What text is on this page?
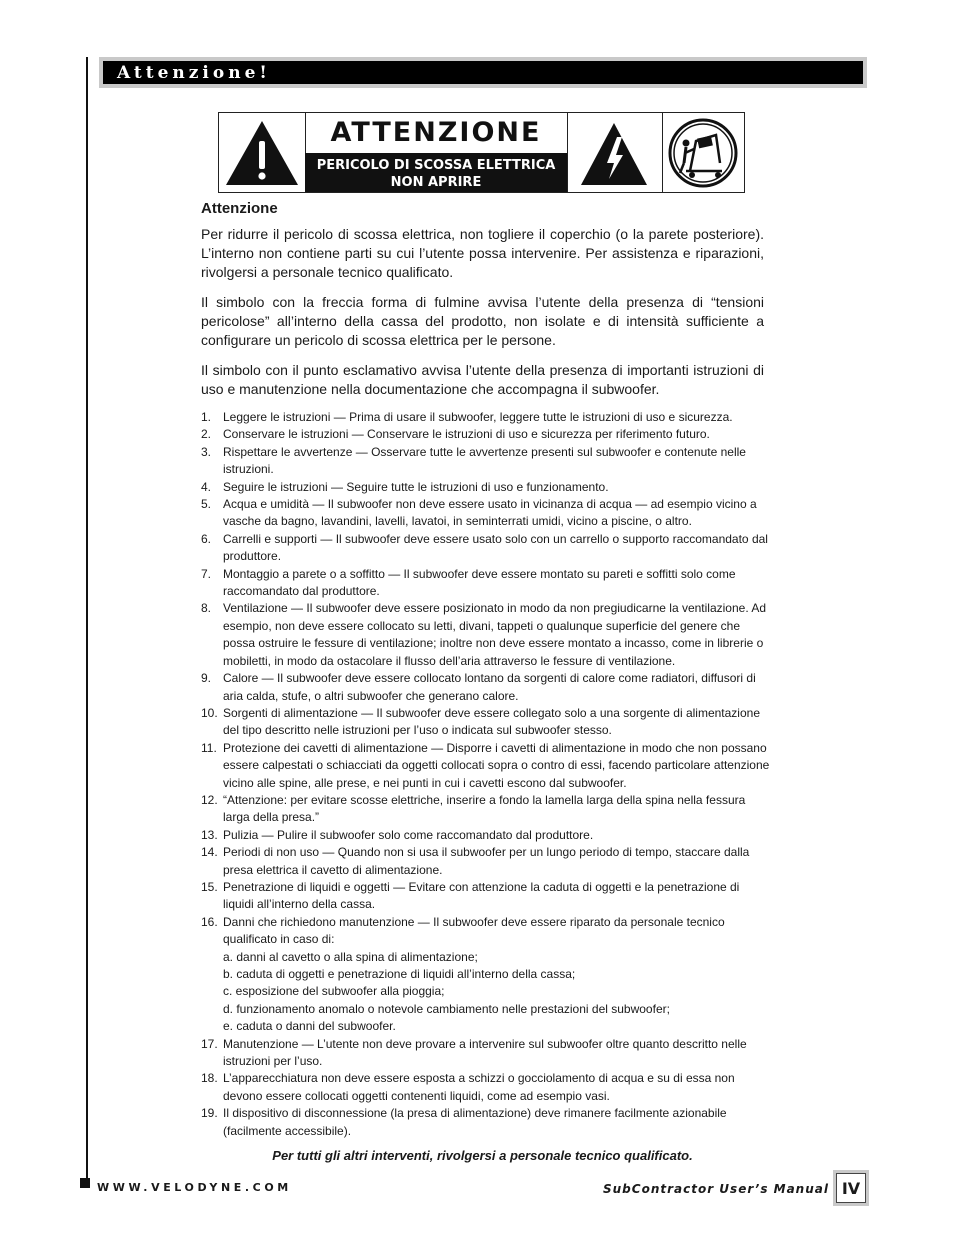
Attenzione!
ATTENZIONE
PERICOLO DI SCOSSA ELETTRICA
NON APRIRE
Attenzione

Per ridurre il pericolo di scossa elettrica, non togliere il coperchio (o la parete posteriore). L’interno non contiene parti su cui l’utente possa intervenire. Per assistenza e riparazioni, rivolgersi a personale tecnico qualificato.

Il simbolo con la freccia forma di fulmine avvisa l’utente della presenza di “tensioni pericolose” all’interno della cassa del prodotto, non isolate e di intensità sufficiente a configurare un pericolo di scossa elettrica per le persone.

Il simbolo con il punto esclamativo avvisa l’utente della presenza di importanti istruzioni di uso e manutenzione nella documentazione che accompagna il subwoofer.

1. Leggere le istruzioni — Prima di usare il subwoofer, leggere tutte le istruzioni di uso e sicurezza.
2. Conservare le istruzioni — Conservare le istruzioni di uso e sicurezza per riferimento futuro.
3. Rispettare le avvertenze — Osservare tutte le avvertenze presenti sul subwoofer e contenute nelle istruzioni.
4. Seguire le istruzioni — Seguire tutte le istruzioni di uso e funzionamento.
5. Acqua e umidità — Il subwoofer non deve essere usato in vicinanza di acqua — ad esempio vicino a vasche da bagno, lavandini, lavelli, lavatoi, in seminterrati umidi, vicino a piscine, o altro.
6. Carrelli e supporti — Il subwoofer deve essere usato solo con un carrello o supporto raccomandato dal produttore.
7. Montaggio a parete o a soffitto — Il subwoofer deve essere montato su pareti e soffitti solo come raccomandato dal produttore.
8. Ventilazione — Il subwoofer deve essere posizionato in modo da non pregiudicarne la ventilazione. Ad esempio, non deve essere collocato su letti, divani, tappeti o qualunque superficie del genere che possa ostruire le fessure di ventilazione; inoltre non deve essere montato a incasso, come in librerie o mobiletti, in modo da ostacolare il flusso dell’aria attraverso le fessure di ventilazione.
9. Calore — Il subwoofer deve essere collocato lontano da sorgenti di calore come radiatori, diffusori di aria calda, stufe, o altri subwoofer che generano calore.
10. Sorgenti di alimentazione — Il subwoofer deve essere collegato solo a una sorgente di alimentazione del tipo descritto nelle istruzioni per l’uso o indicata sul subwoofer stesso.
11. Protezione dei cavetti di alimentazione — Disporre i cavetti di alimentazione in modo che non possano essere calpestati o schiacciati da oggetti collocati sopra o contro di essi, facendo particolare attenzione vicino alle spine, alle prese, e nei punti in cui i cavetti escono dal subwoofer.
12. “Attenzione: per evitare scosse elettriche, inserire a fondo la lamella larga della spina nella fessura larga della presa.”
13. Pulizia — Pulire il subwoofer solo come raccomandato dal produttore.
14. Periodi di non uso — Quando non si usa il subwoofer per un lungo periodo di tempo, staccare dalla presa elettrica il cavetto di alimentazione.
15. Penetrazione di liquidi e oggetti — Evitare con attenzione la caduta di oggetti e la penetrazione di liquidi all’interno della cassa.
16. Danni che richiedono manutenzione — Il subwoofer deve essere riparato da personale tecnico qualificato in caso di:
a. danni al cavetto o alla spina di alimentazione;
b. caduta di oggetti e penetrazione di liquidi all’interno della cassa;
c. esposizione del subwoofer alla pioggia;
d. funzionamento anomalo o notevole cambiamento nelle prestazioni del subwoofer;
e. caduta o danni del subwoofer.
17. Manutenzione — L’utente non deve provare a intervenire sul subwoofer oltre quanto descritto nelle istruzioni per l’uso.
18. L’apparecchiatura non deve essere esposta a schizzi o gocciolamento di acqua e su di essa non devono essere collocati oggetti contenenti liquidi, come ad esempio vasi.
19. Il dispositivo di disconnessione (la presa di alimentazione) deve rimanere facilmente azionabile (facilmente accessibile).
Per tutti gli altri interventi, rivolgersi a personale tecnico qualificato.
WWW.VELODYNE.COM	SubContractor User’s Manual IV
